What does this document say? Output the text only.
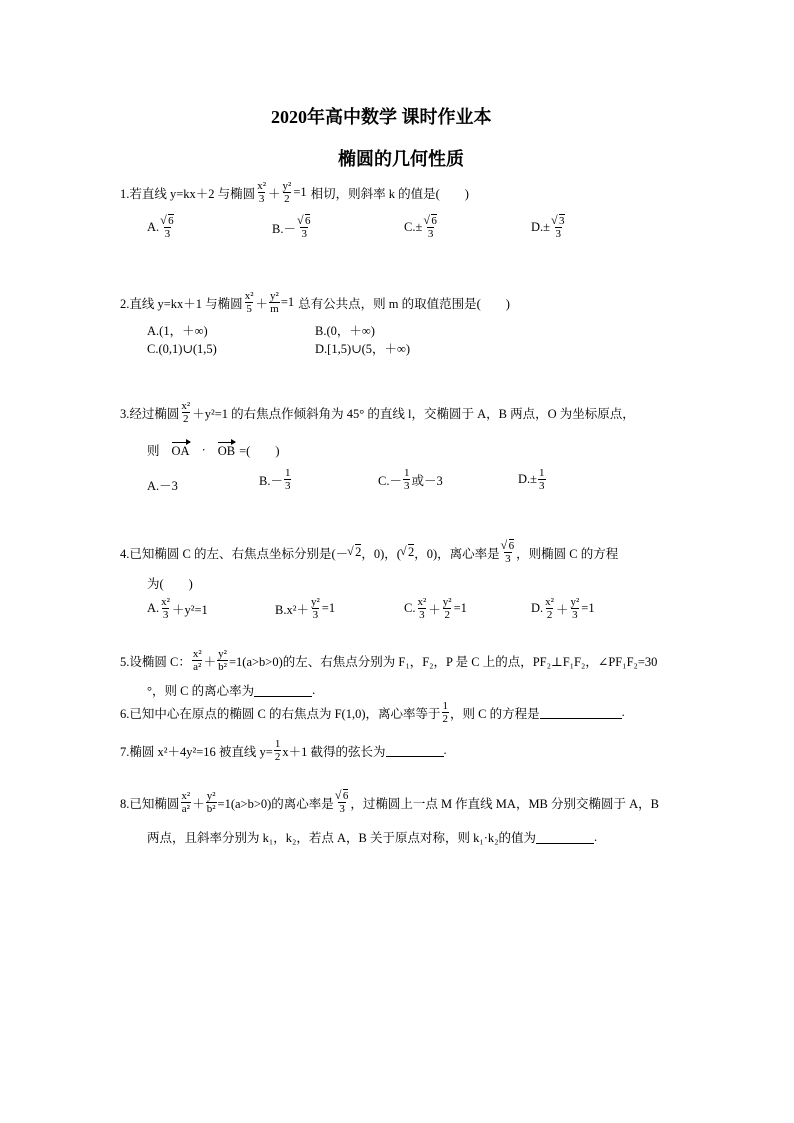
2020年高中数学 课时作业本
椭圆的几何性质
1.若直线 y=kx＋2 与椭圆 $\frac{\text{x²}}{3} + \frac{\text{y²}}{2} =1$ 相切，则斜率 k 的值是(　　)
A. √ $\frac{6}{3}$	B.－ √ $\frac{6}{3}$	C.± √ $\frac{6}{3}$	D.± √ $\frac{3}{3}$
2.直线 y=kx＋1 与椭圆 $\frac{\text{x²}}{5} + \frac{\text{y²}}{m} =1$ 总有公共点，则 m 的取值范围是(　　)
A.(1，＋∞)	B.(0，＋∞)
C.(0,1)∪(1,5)	D.[1,5)∪(5，＋∞)
3.经过椭圆 $\frac{\text{x²}}{2} +y^2=1$ 的右焦点作倾斜角为 45° 的直线 l，交椭圆于 A，B 两点，O 为坐标原点，
则 OA · OB =(　　)
A.－3	$B.- \frac{1}{3}$	$C.- \frac{1}{3}$ 或－3	$D.\pm \frac{1}{3}$
4.已知椭圆 C 的左、右焦点坐标分别是(－ √ 2 ，0)，( √ 2 ，0)，离心率是 √ $\frac{6}{3}$ ，则椭圆 C 的方程
为(　　)
A. $\frac{\text{x²}}{3} +y^2=1$	$B.x^2+ \frac{\text{y²}}{3} =1$	C. $\frac{\text{x²}}{3} + \frac{\text{y²}}{2} =1$	D. $\frac{\text{x²}}{2} + \frac{\text{y²}}{3} =1$
5.设椭圆 C： $\frac{\text{x²}}{\text{a²}} + \frac{\text{y²}}{\text{b²}} =1(a>b>0)$的左、右焦点分别为 F₁，F₂，P 是 C 上的点，PF₂⊥F₁F₂，∠PF₁F₂=30
°，则 C 的离心率为	.
6.已知中心在原点的椭圆 C 的右焦点为 F(1,0)，离心率等于 $\frac{1}{2}$ ，则 C 的方程是	.
7.椭圆 x²＋4y²=16 被直线 $y= \frac{1}{2} x+1$ 截得的弦长为	.
8.已知椭圆 $\frac{\text{x²}}{\text{a²}} + \frac{\text{y²}}{\text{b²}} =1(a>b>0)$的离心率是 √ $\frac{6}{3}$ ，过椭圆上一点 M 作直线 MA，MB 分别交椭圆于 A，B
两点，且斜率分别为 k₁，k₂，若点 A，B 关于原点对称，则 k₁·k₂的值为	.
